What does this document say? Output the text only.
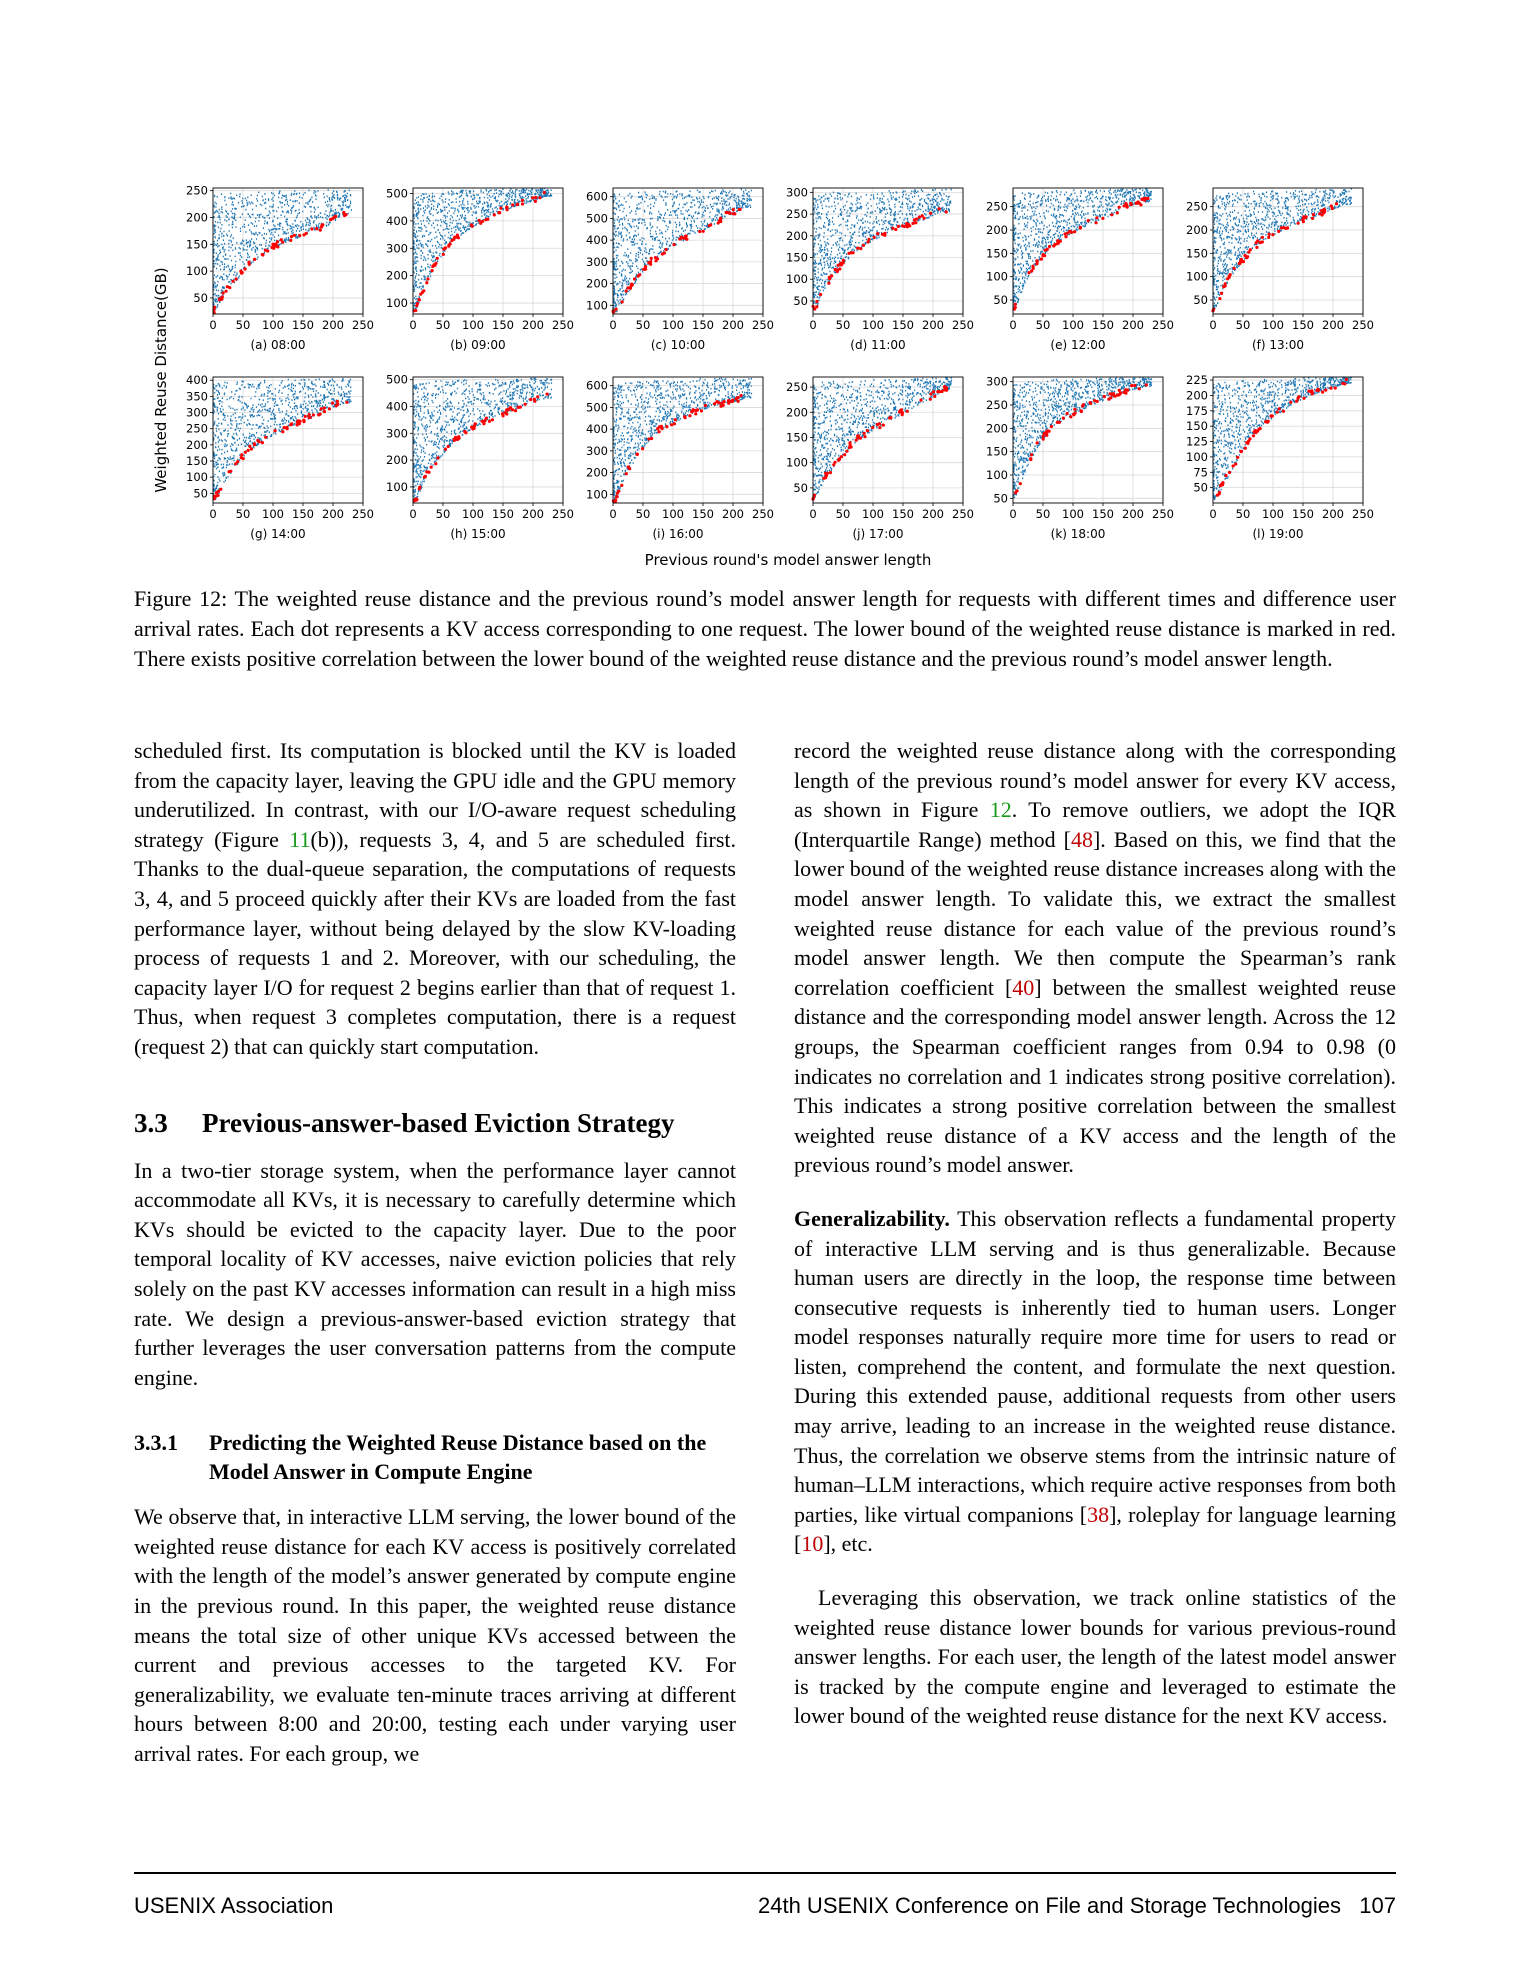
0 50 100 150 200 250
50
100
150
200
250
(a) 08:00
0 50 100 150 200 250
100
200
300
400
500
(b) 09:00
0 50 100 150 200 250
100
200
300
400
500
600
(c) 10:00
0 50 100 150 200 250
50
100
150
200
250
300
(d) 11:00
0 50 100 150 200 250
50
100
150
200
250
(e) 12:00
0 50 100 150 200 250
50
100
150
200
250
(f) 13:00
0 50 100 150 200 250
50
100
150
200
250
300
350
400
(g) 14:00
0 50 100 150 200 250
100
200
300
400
500
(h) 15:00
0 50 100 150 200 250
100
200
300
400
500
600
(i) 16:00
0 50 100 150 200 250
50
100
150
200
250
(j) 17:00
0 50 100 150 200 250
50
100
150
200
250
300
(k) 18:00
0 50 100 150 200 250
50
75
100
125
150
175
200
225
(l) 19:00
Weighted Reuse Distance(GB)
Previous round's model answer length
Figure 12: The weighted reuse distance and the previous round’s model answer length for requests with different times and difference user arrival rates. Each dot represents a KV access corresponding to one request. The lower bound of the weighted reuse distance is marked in red. There exists positive correlation between the lower bound of the weighted reuse distance and the previous round’s model answer length.

scheduled first. Its computation is blocked until the KV is loaded from the capacity layer, leaving the GPU idle and the GPU memory underutilized. In contrast, with our I/O-aware request scheduling strategy (Figure 11(b)), requests 3, 4, and 5 are scheduled first. Thanks to the dual-queue separation, the computations of requests 3, 4, and 5 proceed quickly after their KVs are loaded from the fast performance layer, without being delayed by the slow KV-loading process of requests 1 and 2. Moreover, with our scheduling, the capacity layer I/O for request 2 begins earlier than that of request 1. Thus, when request 3 completes computation, there is a request (request 2) that can quickly start computation.

3.3 Previous-answer-based Eviction Strategy

In a two-tier storage system, when the performance layer cannot accommodate all KVs, it is necessary to carefully determine which KVs should be evicted to the capacity layer. Due to the poor temporal locality of KV accesses, naive eviction policies that rely solely on the past KV accesses information can result in a high miss rate. We design a previous-answer-based eviction strategy that further leverages the user conversation patterns from the compute engine.

3.3.1	Predicting the Weighted Reuse Distance based on the Model Answer in Compute Engine

We observe that, in interactive LLM serving, the lower bound of the weighted reuse distance for each KV access is positively correlated with the length of the model’s answer generated by compute engine in the previous round. In this paper, the weighted reuse distance means the total size of other unique KVs accessed between the current and previous accesses to the targeted KV. For generalizability, we evaluate ten-minute traces arriving at different hours between 8:00 and 20:00, testing each under varying user arrival rates. For each group, we

record the weighted reuse distance along with the corresponding length of the previous round’s model answer for every KV access, as shown in Figure 12. To remove outliers, we adopt the IQR (Interquartile Range) method [48]. Based on this, we find that the lower bound of the weighted reuse distance increases along with the model answer length. To validate this, we extract the smallest weighted reuse distance for each value of the previous round’s model answer length. We then compute the Spearman’s rank correlation coefficient [40] between the smallest weighted reuse distance and the corresponding model answer length. Across the 12 groups, the Spearman coefficient ranges from 0.94 to 0.98 (0 indicates no correlation and 1 indicates strong positive correlation). This indicates a strong positive correlation between the smallest weighted reuse distance of a KV access and the length of the previous round’s model answer.

Generalizability. This observation reflects a fundamental property of interactive LLM serving and is thus generalizable. Because human users are directly in the loop, the response time between consecutive requests is inherently tied to human users. Longer model responses naturally require more time for users to read or listen, comprehend the content, and formulate the next question. During this extended pause, additional requests from other users may arrive, leading to an increase in the weighted reuse distance. Thus, the correlation we observe stems from the intrinsic nature of human–LLM interactions, which require active responses from both parties, like virtual companions [38], roleplay for language learning [10], etc.

Leveraging this observation, we track online statistics of the weighted reuse distance lower bounds for various previous-round answer lengths. For each user, the length of the latest model answer is tracked by the compute engine and leveraged to estimate the lower bound of the weighted reuse distance for the next KV access.

USENIX Association	24th USENIX Conference on File and Storage Technologies   107
